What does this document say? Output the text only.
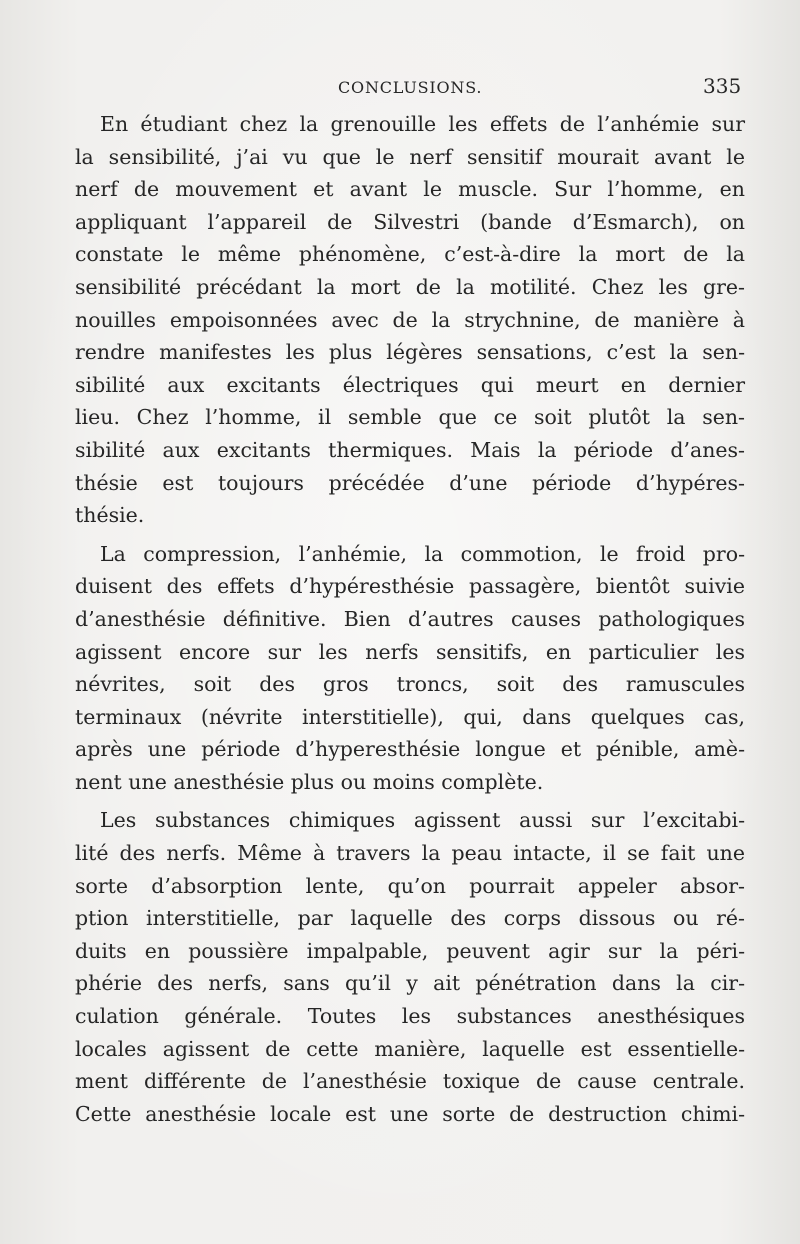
CONCLUSIONS.	335
En étudiant chez la grenouille les effets de l’anhémie sur
la sensibilité, j’ai vu que le nerf sensitif mourait avant le
nerf de mouvement et avant le muscle. Sur l’homme, en
appliquant l’appareil de Silvestri (bande d’Esmarch), on
constate le même phénomène, c’est-à-dire la mort de la
sensibilité précédant la mort de la motilité. Chez les gre-
nouilles empoisonnées avec de la strychnine, de manière à
rendre manifestes les plus légères sensations, c’est la sen-
sibilité aux excitants électriques qui meurt en dernier
lieu. Chez l’homme, il semble que ce soit plutôt la sen-
sibilité aux excitants thermiques. Mais la période d’anes-
thésie est toujours précédée d’une période d’hypéres-
thésie.
La compression, l’anhémie, la commotion, le froid pro-
duisent des effets d’hypéresthésie passagère, bientôt suivie
d’anesthésie définitive. Bien d’autres causes pathologiques
agissent encore sur les nerfs sensitifs, en particulier les
névrites, soit des gros troncs, soit des ramuscules
terminaux (névrite interstitielle), qui, dans quelques cas,
après une période d’hyperesthésie longue et pénible, amè-
nent une anesthésie plus ou moins complète.
Les substances chimiques agissent aussi sur l’excitabi-
lité des nerfs. Même à travers la peau intacte, il se fait une
sorte d’absorption lente, qu’on pourrait appeler absor-
ption interstitielle, par laquelle des corps dissous ou ré-
duits en poussière impalpable, peuvent agir sur la péri-
phérie des nerfs, sans qu’il y ait pénétration dans la cir-
culation générale. Toutes les substances anesthésiques
locales agissent de cette manière, laquelle est essentielle-
ment différente de l’anesthésie toxique de cause centrale.
Cette anesthésie locale est une sorte de destruction chimi-
